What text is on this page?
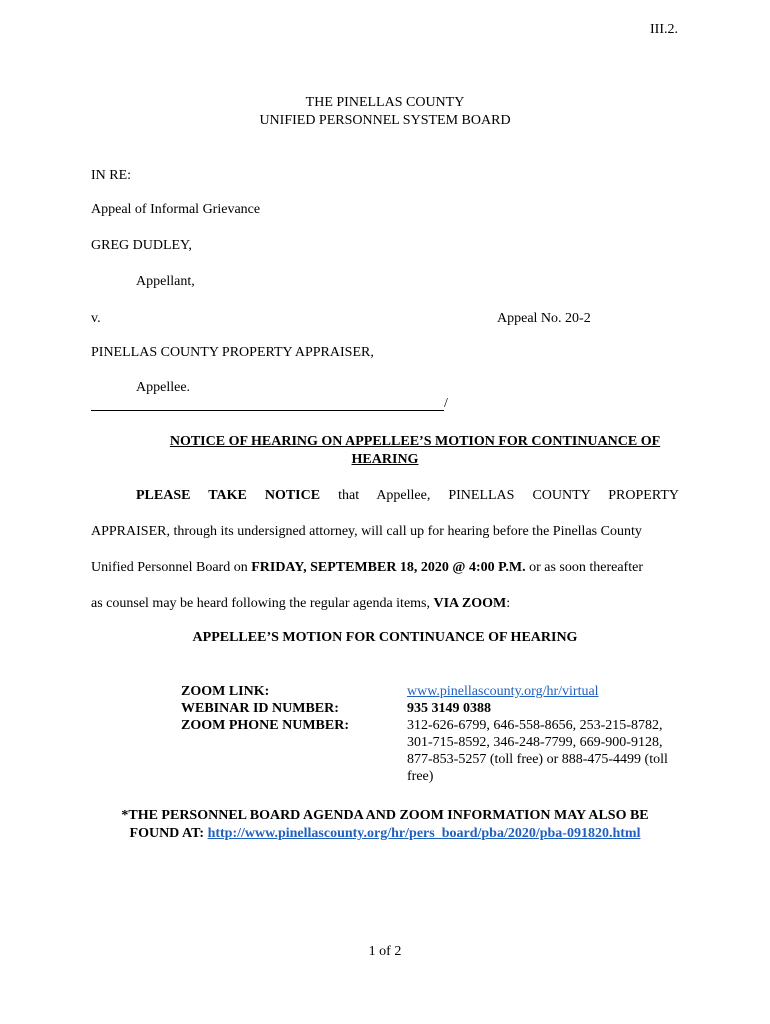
III.2.
THE PINELLAS COUNTY
UNIFIED PERSONNEL SYSTEM BOARD
IN RE:
Appeal of Informal Grievance
GREG DUDLEY,
Appellant,
v.	Appeal No. 20-2
PINELLAS COUNTY PROPERTY APPRAISER,
Appellee.
/
NOTICE OF HEARING ON APPELLEE’S MOTION FOR CONTINUANCE OF
HEARING
PLEASE TAKE NOTICE that Appellee, PINELLAS COUNTY PROPERTY
APPRAISER, through its undersigned attorney, will call up for hearing before the Pinellas County
Unified Personnel Board on FRIDAY, SEPTEMBER 18, 2020 @ 4:00 P.M. or as soon thereafter
as counsel may be heard following the regular agenda items, VIA ZOOM:
APPELLEE’S MOTION FOR CONTINUANCE OF HEARING
ZOOM LINK:
WEBINAR ID NUMBER:
ZOOM PHONE NUMBER:
www.pinellascounty.org/hr/virtual
935 3149 0388
312-626-6799, 646-558-8656, 253-215-8782, 301-715-8592, 346-248-7799, 669-900-9128, 877-853-5257 (toll free) or 888-475-4499 (toll free)
*THE PERSONNEL BOARD AGENDA AND ZOOM INFORMATION MAY ALSO BE
FOUND AT: http://www.pinellascounty.org/hr/pers_board/pba/2020/pba-091820.html
1 of 2
